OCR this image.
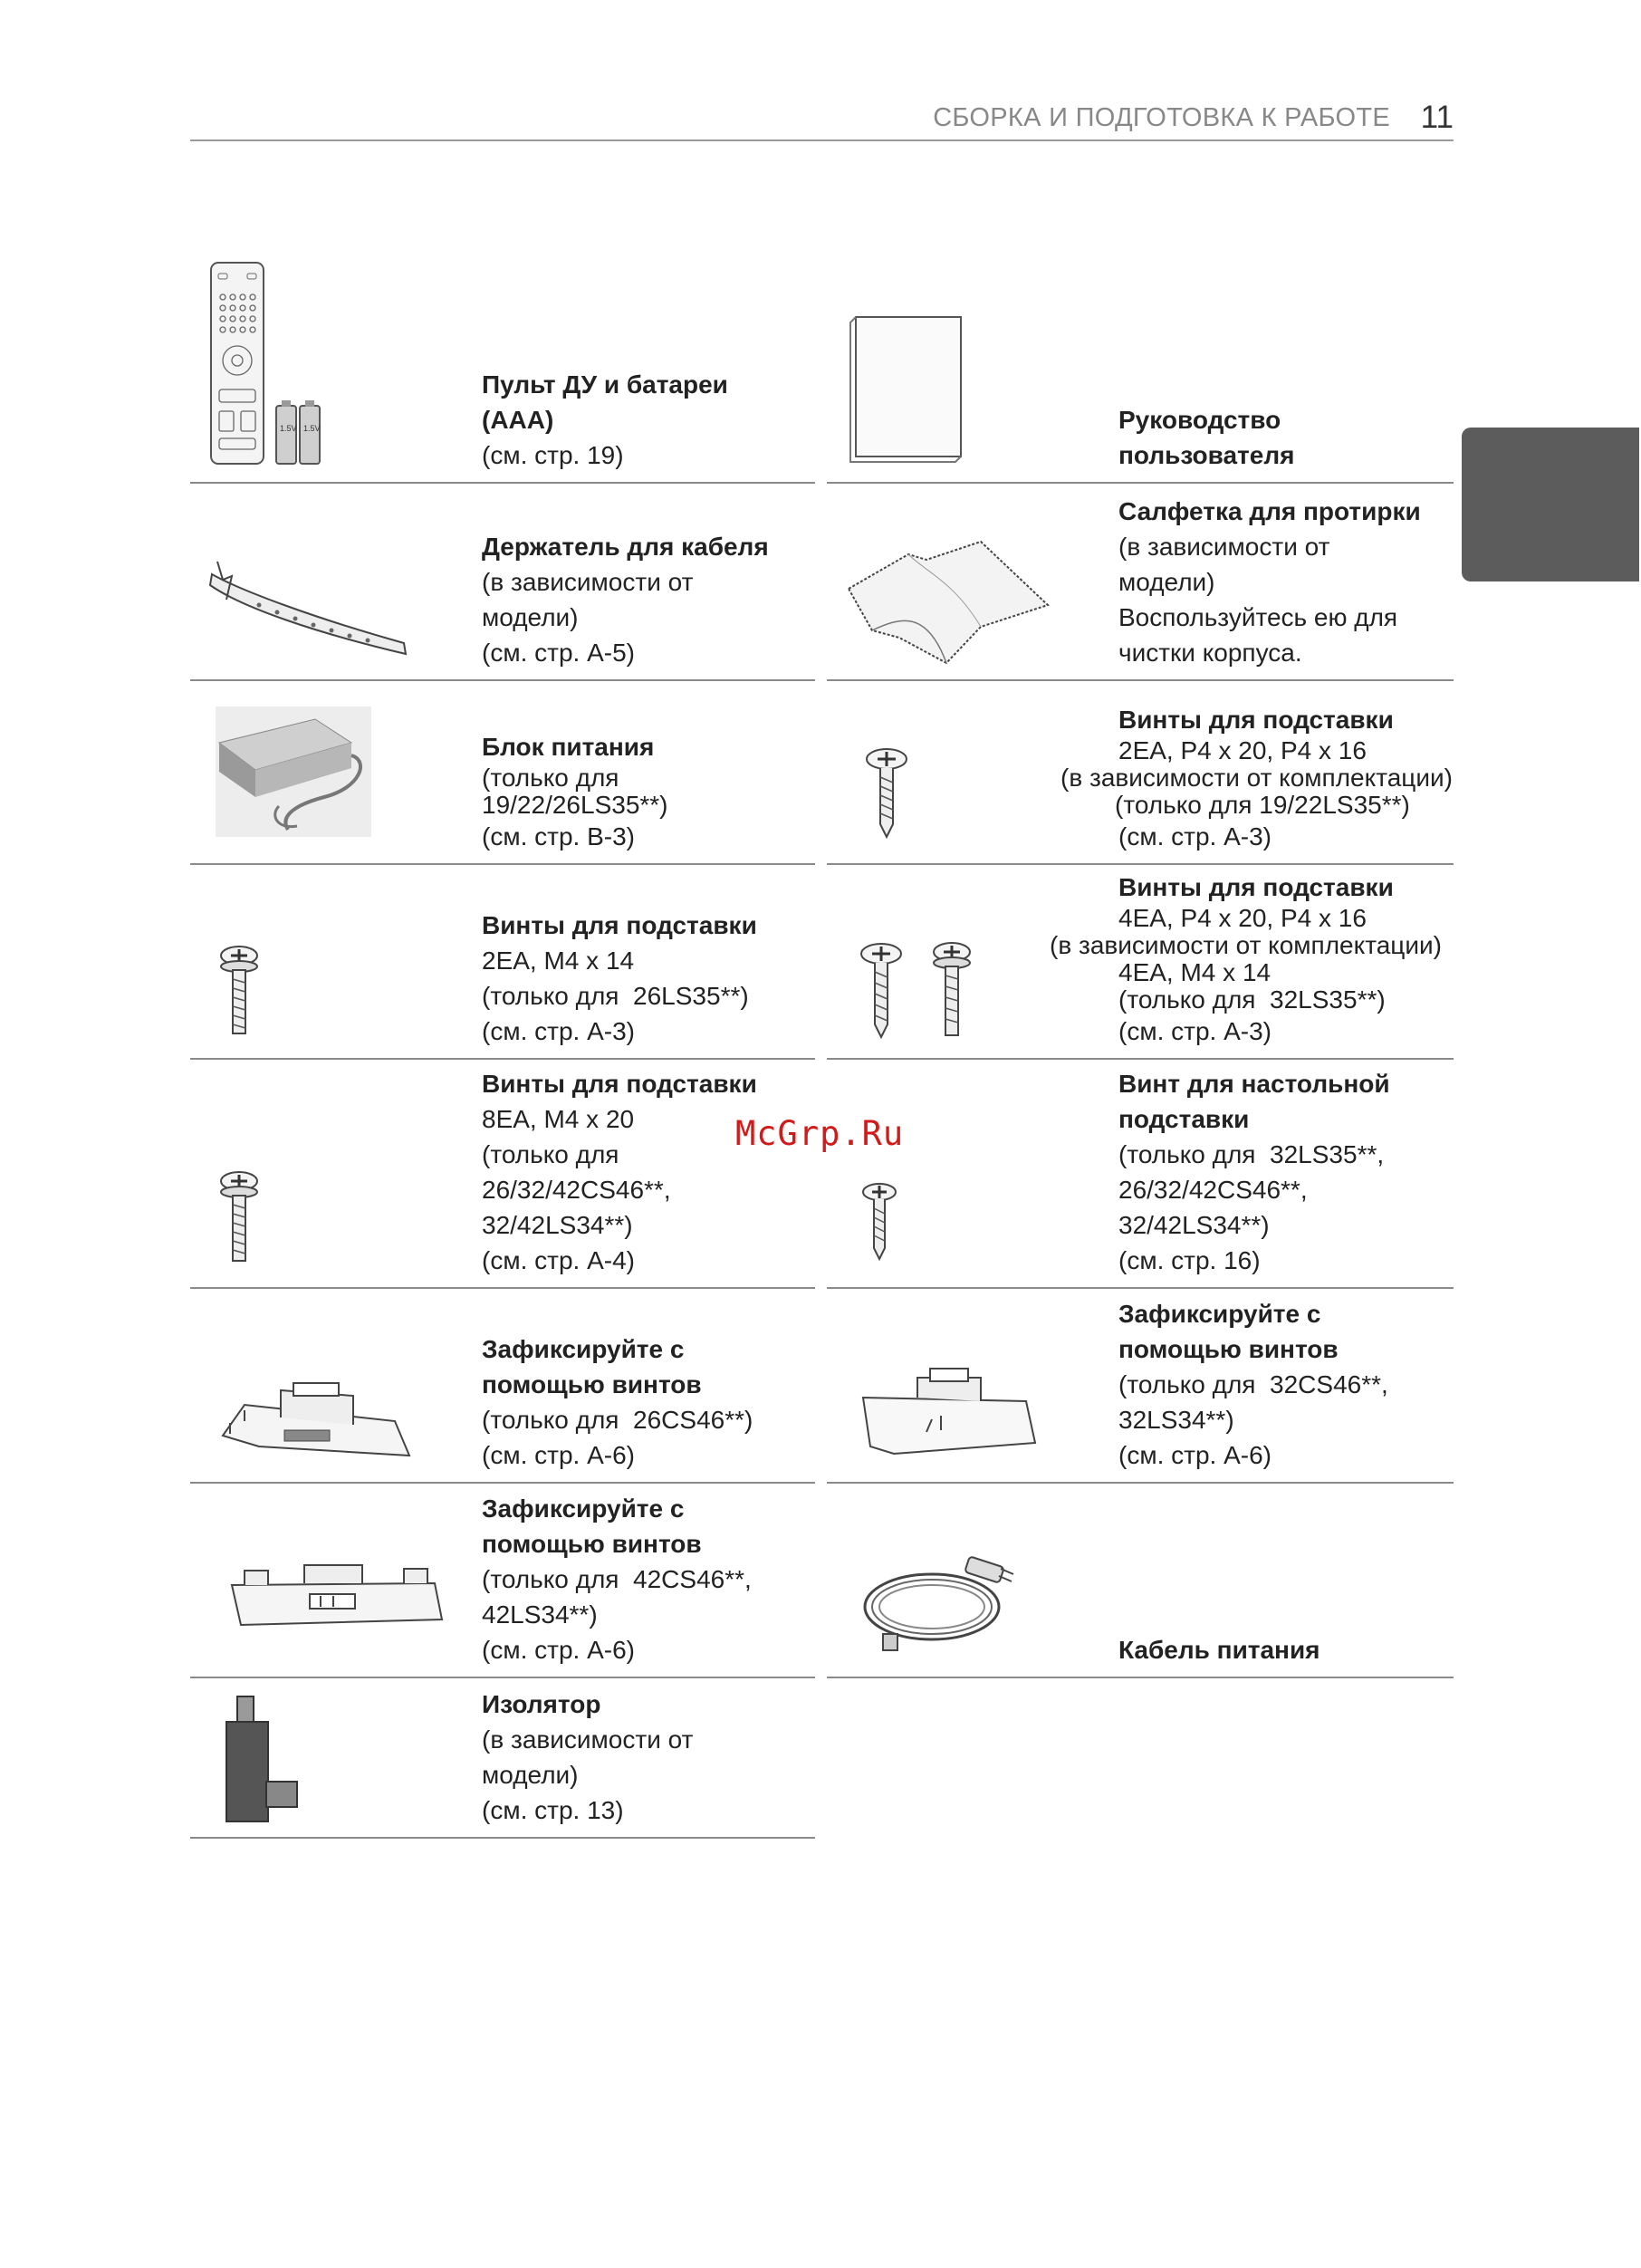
СБОРКА И ПОДГОТОВКА К РАБОТЕ 11
McGrp.Ru
1.5V 1.5V
Пульт ДУ и батареи
(AAA)
(см. стр. 19)
Руководство
пользователя
Держатель для кабеля
(в зависимости от
модели)
(см. стр. A-5)
Салфетка для протирки
(в зависимости от
модели)
Воспользуйтесь ею для
чистки корпуса.
Блок питания
(только для
19/22/26LS35**)
(см. стр. B-3)
Винты для подставки
2EA, P4 x 20, P4 x 16
(в зависимости от комплектации)
(только для 19/22LS35**)
(см. стр. A-3)
Винты для подставки
2EA, M4 x 14
(только для  26LS35**)
(см. стр. A-3)
Винты для подставки
4EA, P4 x 20, P4 x 16
(в зависимости от комплектации)
4EA, M4 x 14
(только для  32LS35**)
(см. стр. A-3)
Винты для подставки
8EA, M4 x 20
(только для
26/32/42CS46**,
32/42LS34**)
(см. стр. A-4)
Винт для настольной
подставки
(только для  32LS35**,
26/32/42CS46**,
32/42LS34**)
(см. стр. 16)
Зафиксируйте с
помощью винтов
(только для  26CS46**)
(см. стр. A-6)
Зафиксируйте с
помощью винтов
(только для  32CS46**,
32LS34**)
(см. стр. A-6)
Зафиксируйте с
помощью винтов
(только для  42CS46**,
42LS34**)
(см. стр. A-6)	Кабель питания
Изолятор
(в зависимости от
модели)
(см. стр. 13)
